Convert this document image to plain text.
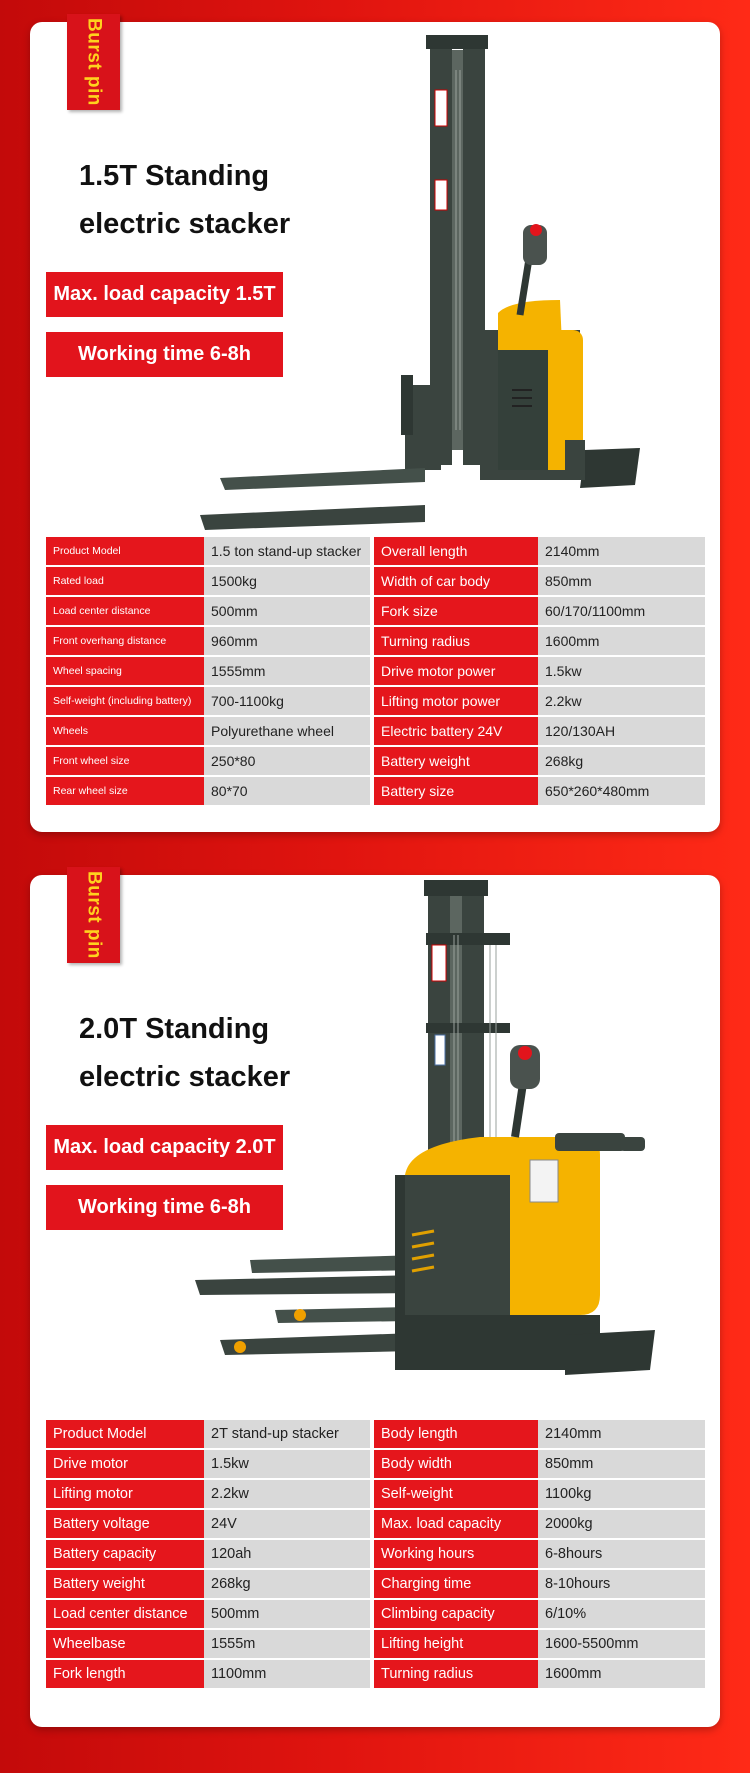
Burst pin
1.5T Standing
electric stacker
Max. load capacity 1.5T
Working time 6-8h
Product Model	1.5 ton stand-up stacker	Overall length	2140mm
Rated load	1500kg	Width of car body	850mm
Load center distance	500mm	Fork size	60/170/1100mm
Front overhang distance	960mm	Turning radius	1600mm
Wheel spacing	1555mm	Drive motor power	1.5kw
Self-weight (including battery)	700-1100kg	Lifting motor power	2.2kw
Wheels	Polyurethane wheel	Electric battery 24V	120/130AH
Front wheel size	250*80	Battery weight	268kg
Rear wheel size	80*70	Battery size	650*260*480mm
Burst pin
2.0T Standing
electric stacker
Max. load capacity 2.0T
Working time 6-8h
Product Model	2T stand-up stacker	Body length	2140mm
Drive motor	1.5kw	Body width	850mm
Lifting motor	2.2kw	Self-weight	1100kg
Battery voltage	24V	Max. load capacity	2000kg
Battery capacity	120ah	Working hours	6-8hours
Battery weight	268kg	Charging time	8-10hours
Load center distance	500mm	Climbing capacity	6/10%
Wheelbase	1555m	Lifting height	1600-5500mm
Fork length	1100mm	Turning radius	1600mm
